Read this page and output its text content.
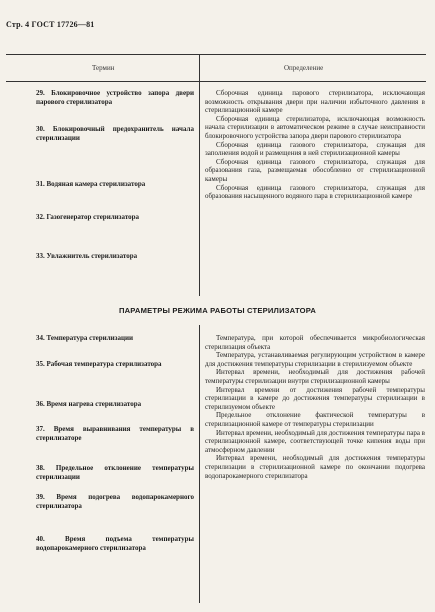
Стр. 4 ГОСТ 17726—81
Термин	Определение
29. Блокировочное устройство запора двери парового стерилизатора
30. Блокировочный предохранитель начала стерилизации
31. Водяная камера стерилизатора
32. Газогенератор стерилизатора
33. Увлажнитель стерилизатора

Сборочная единица парового стерилизатора, исключающая возможность открывания двери при наличии избыточного давления в стерилизационной камере

Сборочная единица стерилизатора, исключающая возможность начала стерилизации в автоматическом режиме в случае неисправности блокировочного устройства запора двери парового стерилизатора

Сборочная единица газового стерилизатора, служащая для заполнения водой и размещения в ней стерилизационной камеры

Сборочная единица газового стерилизатора, служащая для образования газа, размещаемая обособленно от стерилизационной камеры

Сборочная единица газового стерилизатора, служащая для образования насыщенного водяного пара в стерилизационной камере

ПАРАМЕТРЫ РЕЖИМА РАБОТЫ СТЕРИЛИЗАТОРА
34. Температура стерилизации
35. Рабочая температура стерилизатора
36. Время нагрева стерилизатора
37. Время выравнивания температуры в стерилизаторе
38. Предельное отклонение температуры стерилизации
39. Время подогрева водопарокамерного стерилизатора
40. Время подъема температуры водопарокамерного стерилизатора

Температура, при которой обеспечивается микробиологическая стерилизация объекта

Температура, устанавливаемая регулирующим устройством в камере для достижения температуры стерилизации в стерилизуемом объекте

Интервал времени, необходимый для достижения рабочей температуры стерилизации внутри стерилизационной камеры

Интервал времени от достижения рабочей температуры стерилизации в камере до достижения температуры стерилизации в стерилизуемом объекте

Предельное отклонение фактической температуры в стерилизационной камере от температуры стерилизации

Интервал времени, необходимый для достижения температуры пара в стерилизационной камере, соответствующей точке кипения воды при атмосферном давлении

Интервал времени, необходимый для достижения температуры стерилизации в стерилизационной камере по окончании подогрева водопарокамерного стерилизатора
